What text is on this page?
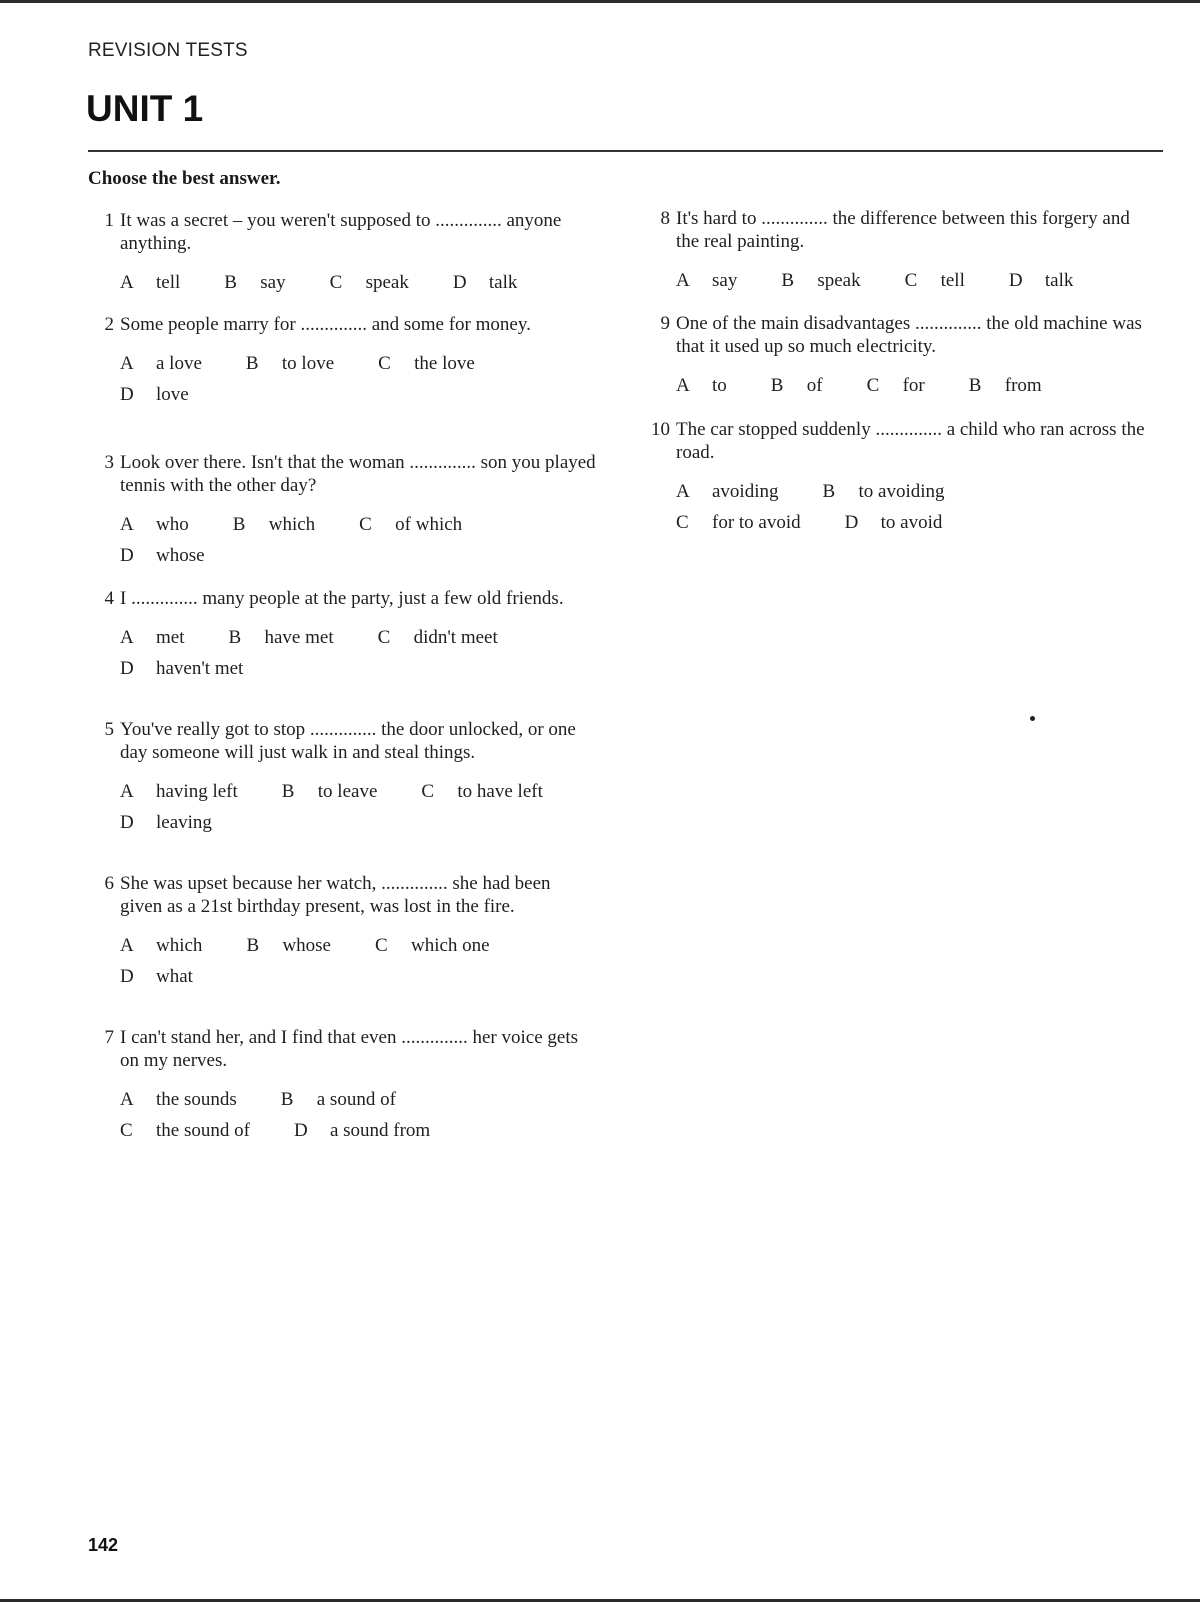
REVISION TESTS
UNIT 1
Choose the best answer.
1 It was a secret – you weren't supposed to .............. anyone anything.
A	tell B	say C	speak D	talk
2 Some people marry for .............. and some for money.
A	a love B	to love C	the love
D	love
3 Look over there. Isn't that the woman .............. son you played tennis with the other day?
A	who B	which C	of which
D	whose
4 I .............. many people at the party, just a few old friends.
A	met B	have met C	didn't meet
D	haven't met
5 You've really got to stop .............. the door unlocked, or one day someone will just walk in and steal things.
A	having left B	to leave C	to have left
D	leaving
6 She was upset because her watch, .............. she had been given as a 21st birthday present, was lost in the fire.
A	which B	whose C	which one
D	what
7 I can't stand her, and I find that even .............. her voice gets on my nerves.
A	the sounds B	a sound of
C	the sound of D	a sound from
8 It's hard to .............. the difference between this forgery and the real painting.
A	say B	speak C	tell D	talk
9 One of the main disadvantages .............. the old machine was that it used up so much electricity.
A	to B	of C	for B	from
10 The car stopped suddenly .............. a child who ran across the road.
A	avoiding B	to avoiding
C	for to avoid D	to avoid
142
